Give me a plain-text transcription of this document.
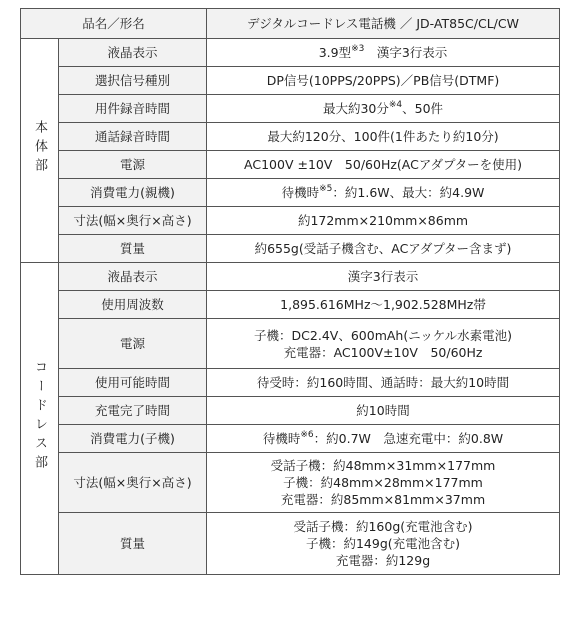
品名／形名		デジタルコードレス電話機 ／ JD-AT85C/CL/CW
本体部	液晶表示	3.9型$^{※3}$　漢字3行表示
	選択信号種別	DP信号(10PPS/20PPS)／PB信号(DTMF)
	用件録音時間	最大約30分$^{※4}$、50件
	通話録音時間	最大約120分、100件(1件あたり約10分)
	電源	AC100V ±10V　50/60Hz(ACアダプターを使用)
	消費電力(親機)	待機時$^{※5}$：約1.6W、最大：約4.9W
	寸法(幅×奥行×高さ)	約172mm×210mm×86mm
	質量	約655g(受話子機含む、ACアダプター含まず)
コードレス部	液晶表示	漢字3行表示
	使用周波数	1,895.616MHz～1,902.528MHz帯
	電源	子機：DC2.4V、600mAh(ニッケル水素電池)
充電器：AC100V±10V　50/60Hz

	使用可能時間	待受時：約160時間、通話時：最大約10時間
	充電完了時間	約10時間
	消費電力(子機)	待機時$^{※6}$：約0.7W　急速充電中：約0.8W
	寸法(幅×奥行×高さ)	受話子機：約48mm×31mm×177mm
子機：約48mm×28mm×177mm
充電器：約85mm×81mm×37mm

	質量	受話子機：約160g(充電池含む)
子機：約149g(充電池含む)
充電器：約129g
